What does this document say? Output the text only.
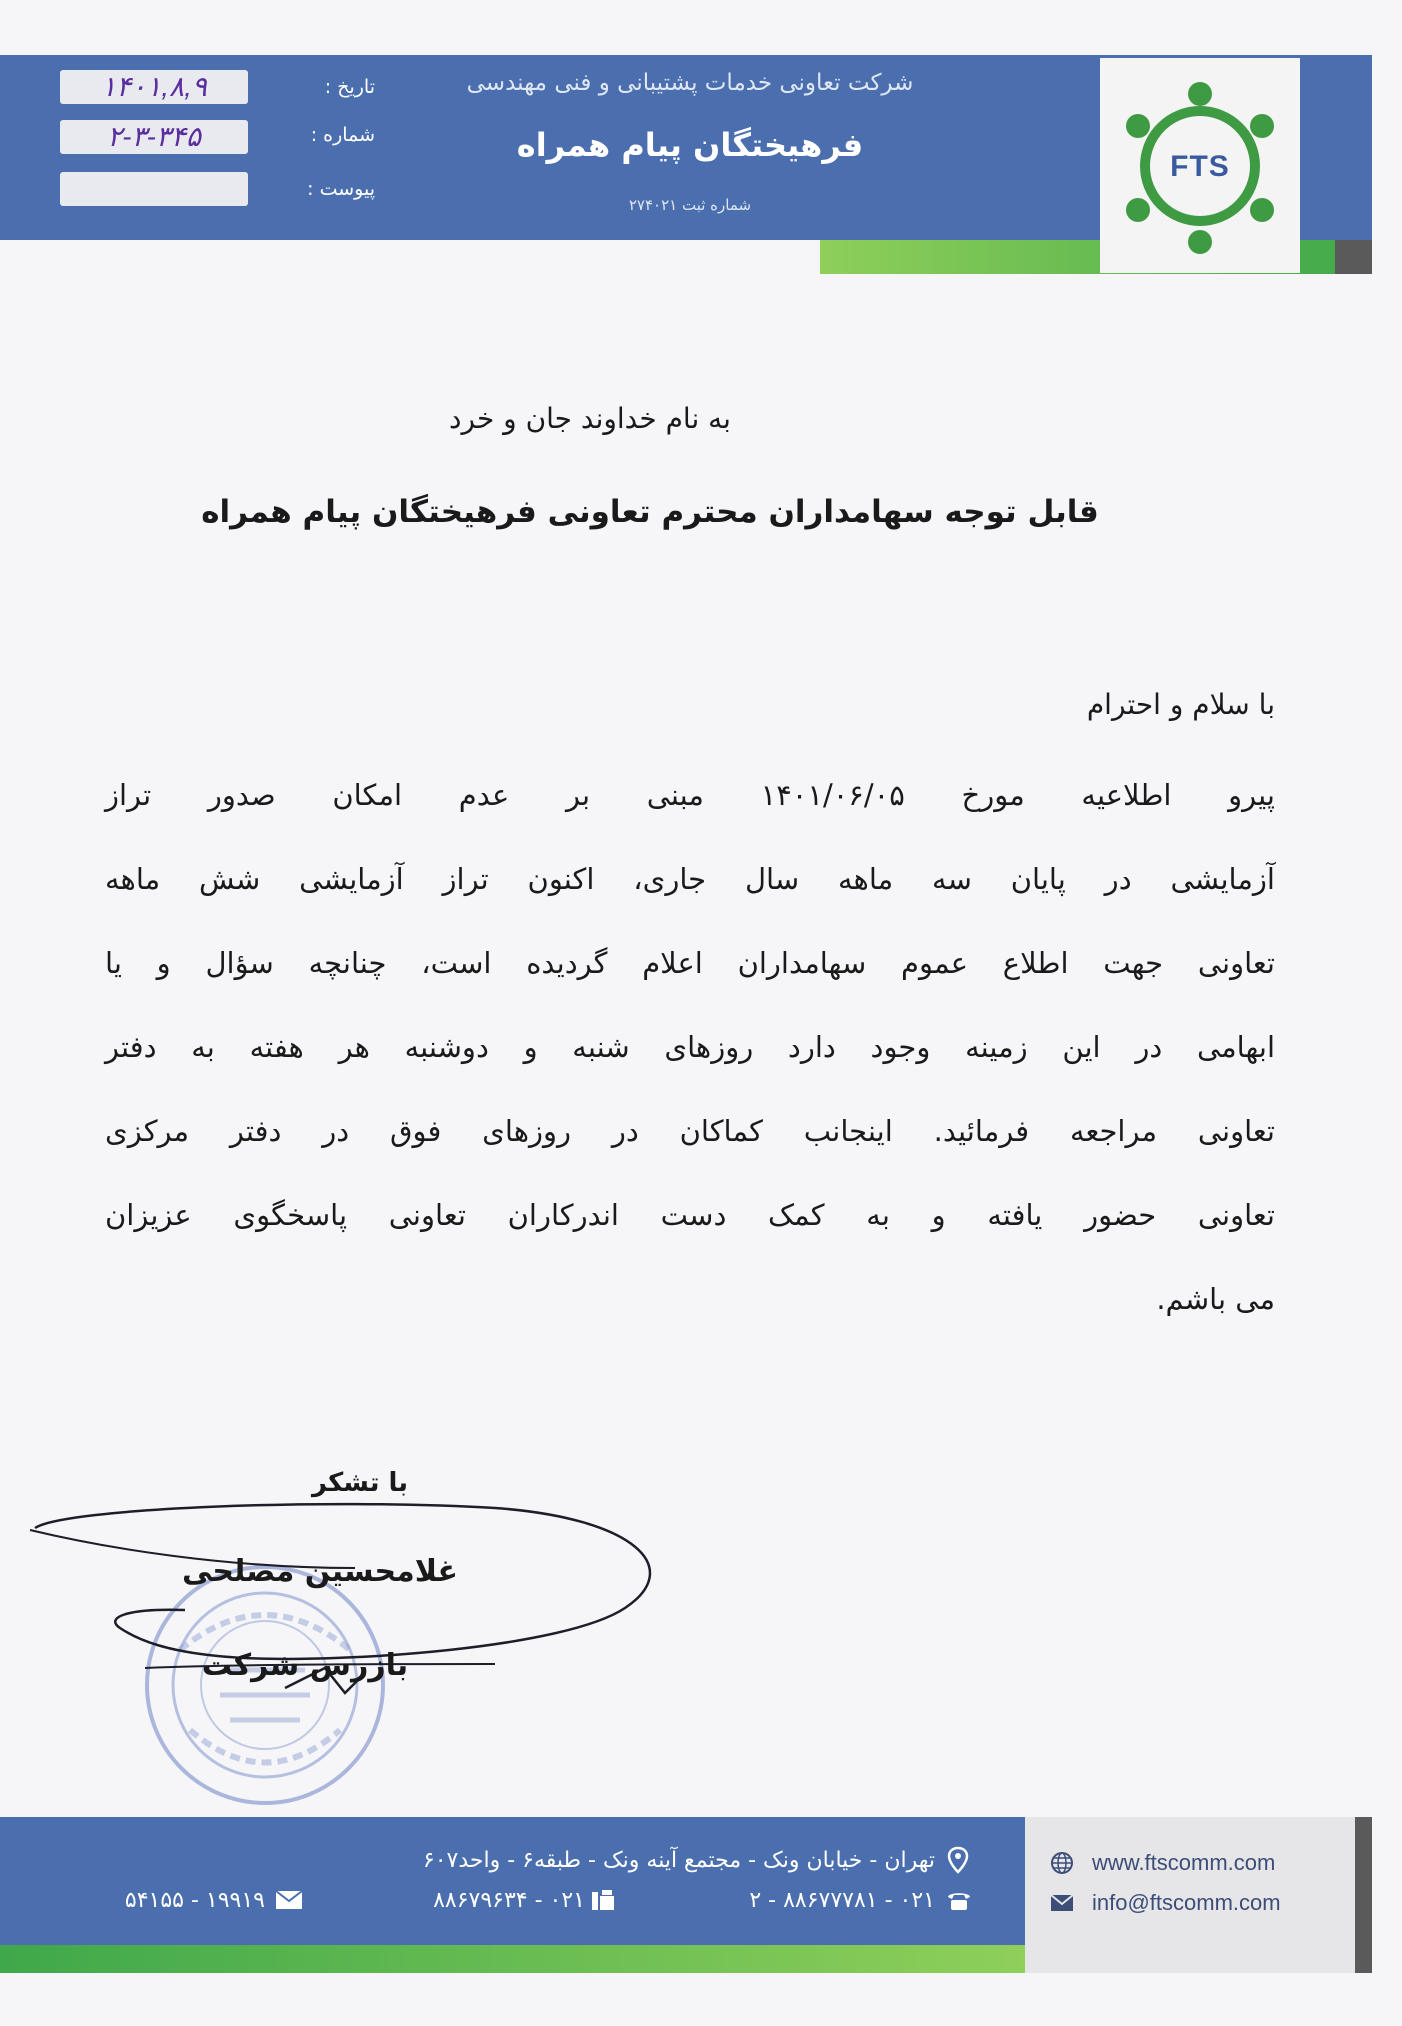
FTS
شرکت تعاونی خدمات پشتیبانی و فنی مهندسی
فرهیختگان پیام همراه
شماره ثبت ۲۷۴۰۲۱
تاریخ :
۱۴۰۱,۸,۹
شماره :
۲-۳-۳۴۵
پیوست :
به نام خداوند جان و خرد
قابل توجه سهامداران محترم تعاونی فرهیختگان پیام همراه
با سلام و احترام
پیرو اطلاعیه مورخ ۱۴۰۱/۰۶/۰۵ مبنی بر عدم امکان صدور تراز
آزمایشی در پایان سه ماهه سال جاری، اکنون تراز آزمایشی شش ماهه
تعاونی جهت اطلاع عموم سهامداران اعلام گردیده است، چنانچه سؤال و یا
ابهامی در این زمینه وجود دارد روزهای شنبه و دوشنبه هر هفته به دفتر
تعاونی مراجعه فرمائید. اینجانب کماکان در روزهای فوق در دفتر مرکزی
تعاونی حضور یافته و به کمک دست اندرکاران تعاونی پاسخگوی عزیزان
می باشم.
با تشکر
غلامحسین مصلحی
بازرس شرکت
تهران - خیابان ونک - مجتمع آینه ونک - طبقه۶ - واحد۶۰۷
۰۲۱ - ۸۸۶۷۷۷۸۱ - ۲
۰۲۱ - ۸۸۶۷۹۶۳۴
۱۹۹۱۹ - ۵۴۱۵۵
www.ftscomm.com
info@ftscomm.com
